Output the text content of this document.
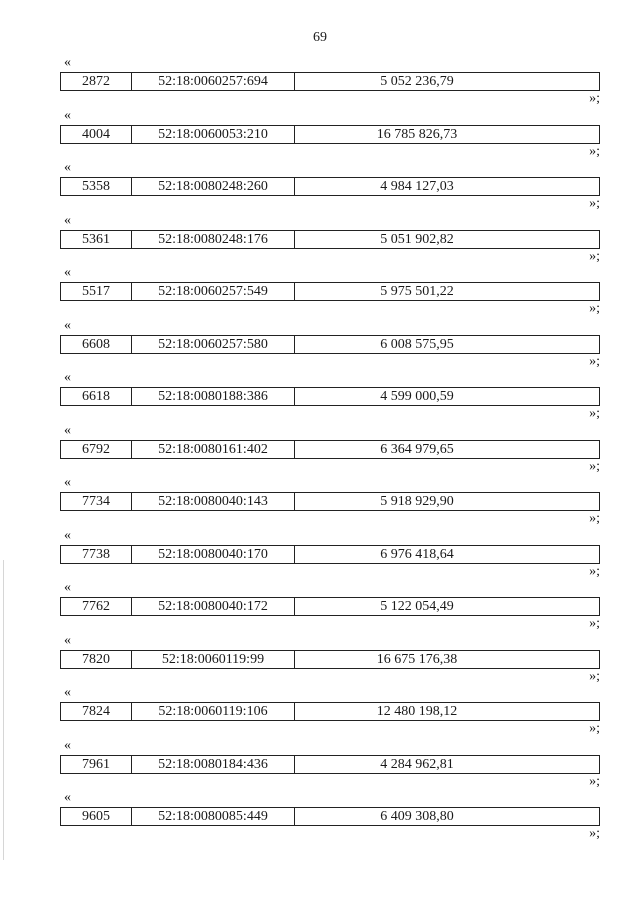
69
«
2872	52:18:0060257:694	5 052 236,79
»;
«
4004	52:18:0060053:210	16 785 826,73
»;
«
5358	52:18:0080248:260	4 984 127,03
»;
«
5361	52:18:0080248:176	5 051 902,82
»;
«
5517	52:18:0060257:549	5 975 501,22
»;
«
6608	52:18:0060257:580	6 008 575,95
»;
«
6618	52:18:0080188:386	4 599 000,59
»;
«
6792	52:18:0080161:402	6 364 979,65
»;
«
7734	52:18:0080040:143	5 918 929,90
»;
«
7738	52:18:0080040:170	6 976 418,64
»;
«
7762	52:18:0080040:172	5 122 054,49
»;
«
7820	52:18:0060119:99	16 675 176,38
»;
«
7824	52:18:0060119:106	12 480 198,12
»;
«
7961	52:18:0080184:436	4 284 962,81
»;
«
9605	52:18:0080085:449	6 409 308,80
»;
